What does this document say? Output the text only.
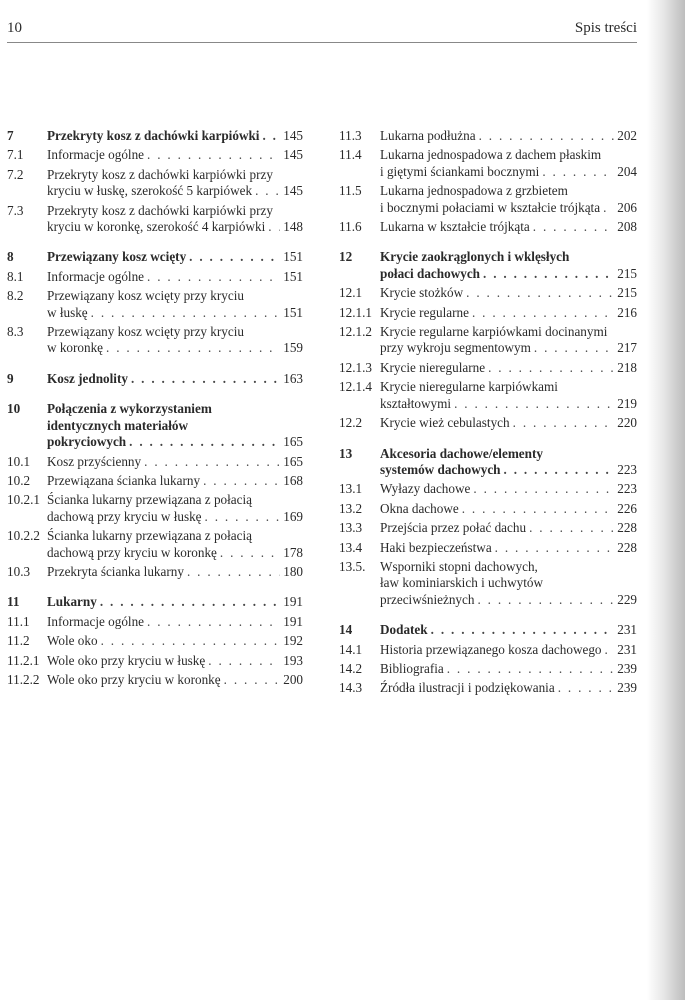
10	Spis treści
7	Przekryty kosz z dachówki karpiówki . . . 145
7.1	Informacje ogólne . . .	145
7.2	Przekryty kosz z dachówki karpiówki przy
kryciu w łuskę, szerokość 5 karpiówek . . . 145
7.3	Przekryty kosz z dachówki karpiówki przy
kryciu w koronkę, szerokość 4 karpiówki . . . 148
8	Przewiązany kosz wcięty . . .	151
8.1	Informacje ogólne . . .	151
8.2	Przewiązany kosz wcięty przy kryciu
w łuskę . . .	151
8.3	Przewiązany kosz wcięty przy kryciu
w koronkę . . .	159
9	Kosz jednolity . . .	163
10	Połączenia z wykorzystaniem
identycznych materiałów
pokryciowych . . .	165
10.1	Kosz przyścienny . . .	165
10.2	Przewiązana ścianka lukarny . . .	168
10.2.1 Ścianka lukarny przewiązana z połacią
dachową przy kryciu w łuskę . . .	169
10.2.2 Ścianka lukarny przewiązana z połacią
dachową przy kryciu w koronkę . . .	178
10.3	Przekryta ścianka lukarny . . .	180
11	Lukarny . . .	191
11.1	Informacje ogólne . . .	191
11.2	Wole oko . . .	192
11.2.1 Wole oko przy kryciu w łuskę . . .	193
11.2.2 Wole oko przy kryciu w koronkę . . .	200
11.3	Lukarna podłużna . . .	202
11.4	Lukarna jednospadowa z dachem płaskim
i giętymi ściankami bocznymi . . .	204
11.5	Lukarna jednospadowa z grzbietem
i bocznymi połaciami w kształcie trójkąta . . . 206
11.6	Lukarna w kształcie trójkąta . . .	208
12	Krycie zaokrąglonych i wklęsłych
połaci dachowych . . .	215
12.1	Krycie stożków . . .	215
12.1.1 Krycie regularne . . .	216
12.1.2 Krycie regularne karpiówkami docinanymi
przy wykroju segmentowym . . .	217
12.1.3 Krycie nieregularne . . .	218
12.1.4 Krycie nieregularne karpiówkami
kształtowymi . . .	219
12.2	Krycie wież cebulastych . . .	220
13	Akcesoria dachowe/elementy
systemów dachowych . . .	223
13.1	Wyłazy dachowe . . .	223
13.2	Okna dachowe . . .	226
13.3	Przejścia przez połać dachu . . .	228
13.4	Haki bezpieczeństwa . . .	228
13.5.	Wsporniki stopni dachowych,
ław kominiarskich i uchwytów
przeciwśnieżnych . . .	229
14	Dodatek . . .	231
14.1	Historia przewiązanego kosza dachowego . . . 231
14.2	Bibliografia . . .	239
14.3	Źródła ilustracji i podziękowania . . .	239
